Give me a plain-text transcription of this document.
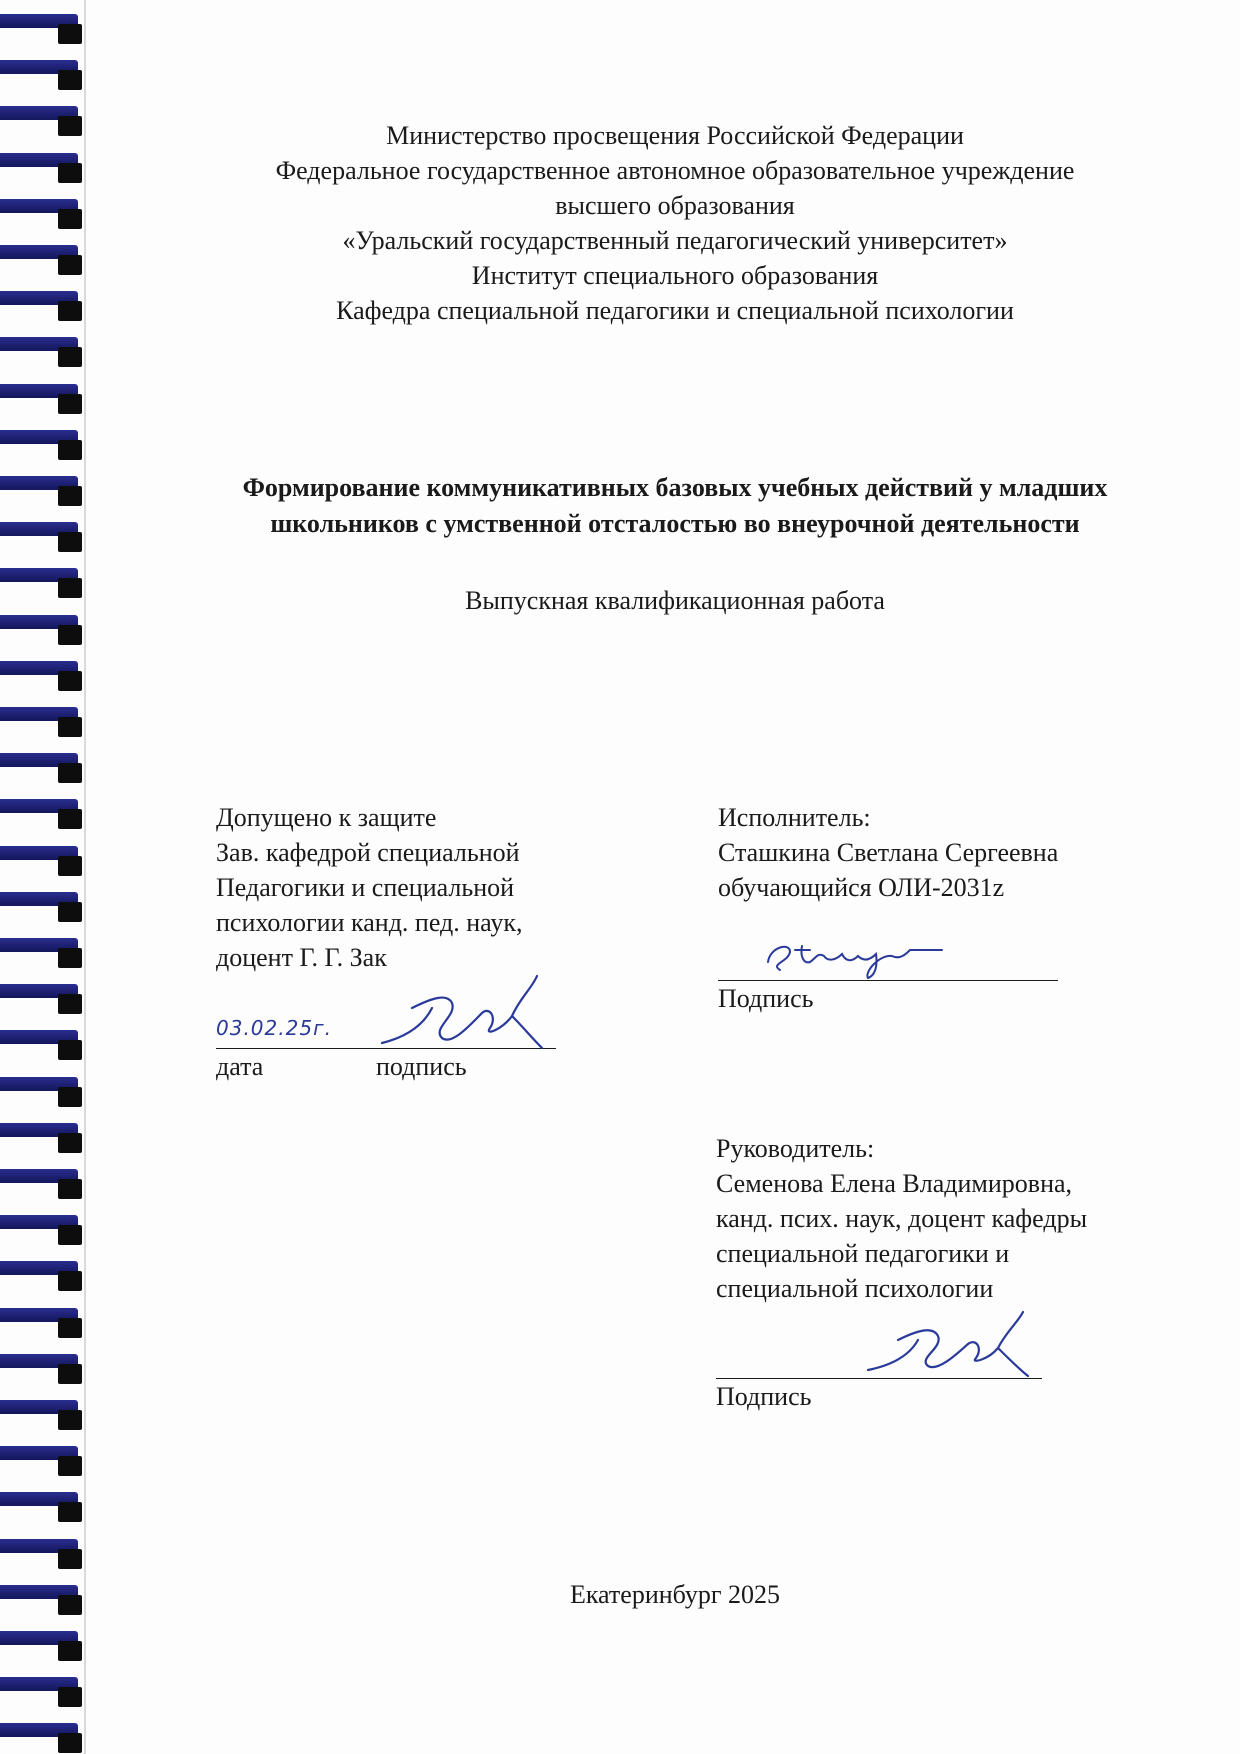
Министерство просвещения Российской Федерации
Федеральное государственное автономное образовательное учреждение
высшего образования
«Уральский государственный педагогический университет»
Институт специального образования
Кафедра специальной педагогики и специальной психологии
Формирование коммуникативных базовых учебных действий у младших
школьников с умственной отсталостью во внеурочной деятельности
Выпускная квалификационная работа
Допущено к защите
Зав. кафедрой специальной
Педагогики и специальной
психологии канд. пед. наук,
доцент Г. Г. Зак
03.02.25г.
дата	подпись
Исполнитель:
Сташкина Светлана Сергеевна
обучающийся ОЛИ-2031z
Подпись
Руководитель:
Семенова Елена Владимировна,
канд. псих. наук, доцент кафедры
специальной педагогики и
специальной психологии
Подпись
Екатеринбург 2025
